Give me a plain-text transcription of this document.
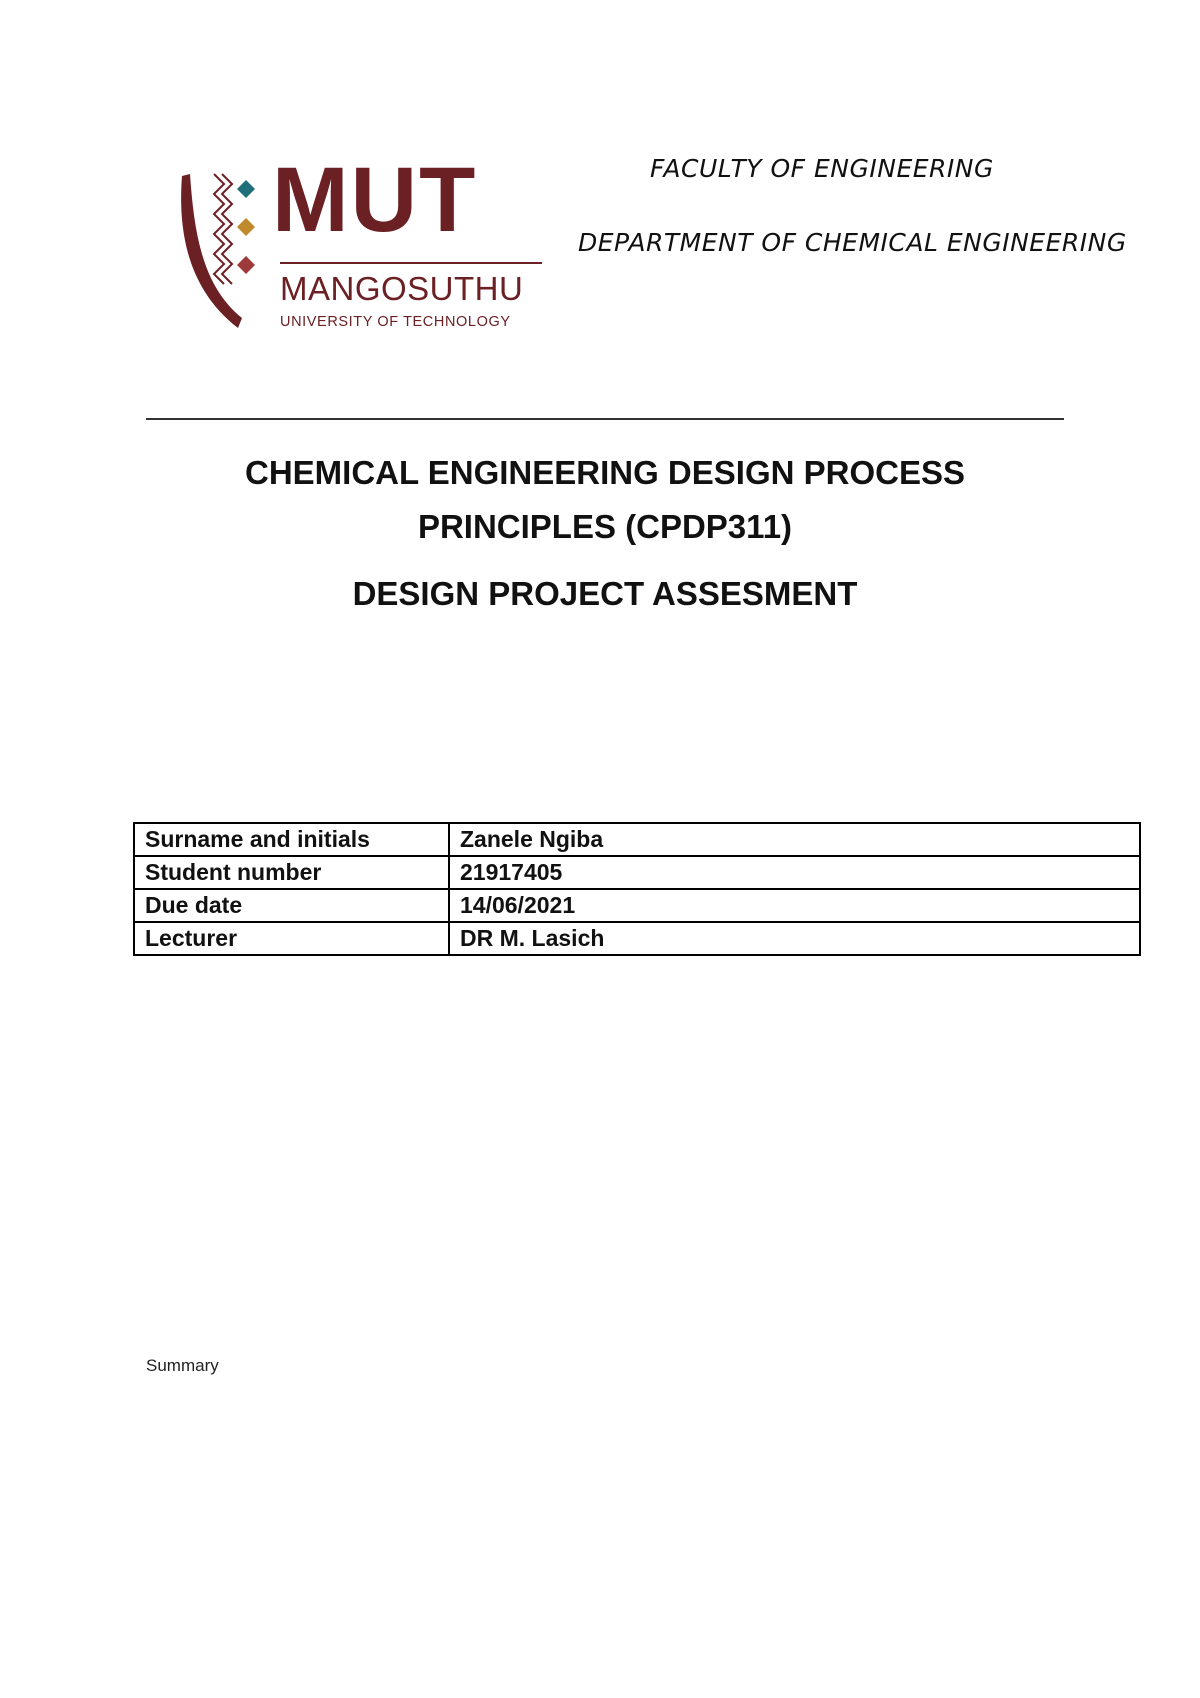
MUT
MANGOSUTHU
UNIVERSITY OF TECHNOLOGY
FACULTY OF ENGINEERING
DEPARTMENT OF CHEMICAL ENGINEERING
CHEMICAL ENGINEERING DESIGN PROCESS
PRINCIPLES (CPDP311)
DESIGN PROJECT ASSESMENT
Surname and initials	Zanele Ngiba
Student number	21917405
Due date	14/06/2021
Lecturer	DR M. Lasich
Summary
